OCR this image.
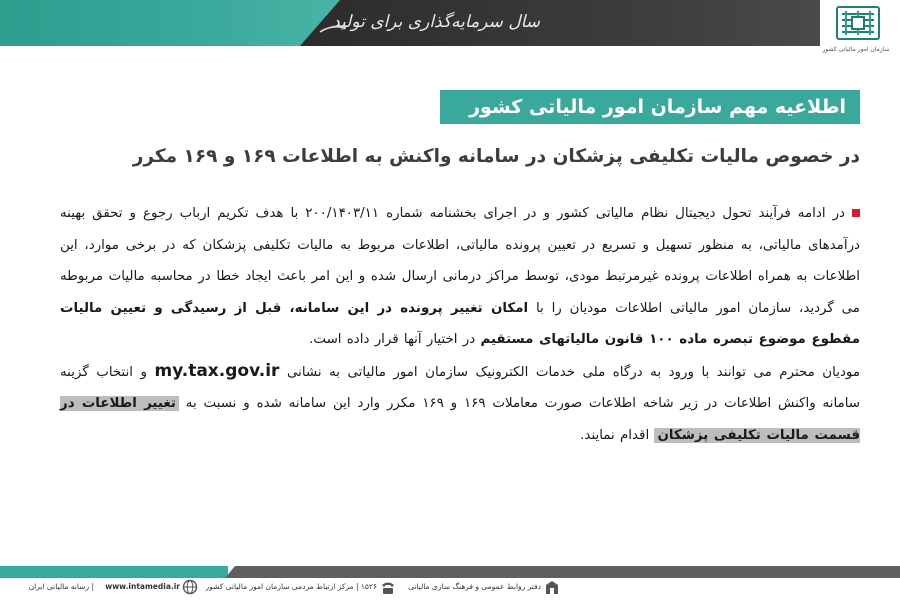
سال سرمایه‌گذاری برای تولید
سازمان امور مالیاتی کشور
اطلاعیه مهم سازمان امور مالیاتی کشور
در خصوص مالیات تکلیفی پزشکان در سامانه واکنش به اطلاعات ۱۶۹ و ۱۶۹ مکرر

در ادامه فرآیند تحول دیجیتال نظام مالیاتی کشور و در اجرای بخشنامه شماره ۲۰۰/۱۴۰۳/۱۱ با هدف تکریم ارباب رجوع و تحقق بهینه درآمدهای مالیاتی، به منظور تسهیل و تسریع در تعیین پرونده مالیاتی، اطلاعات مربوط به مالیات تکلیفی پزشکان که در برخی موارد، این اطلاعات به همراه اطلاعات پرونده غیرمرتبط مودی، توسط مراکز درمانی ارسال شده و این امر باعث ایجاد خطا در محاسبه مالیات مربوطه می گردید، سازمان امور مالیاتی اطلاعات مودیان را با امکان تغییر پرونده در این سامانه، قبل از رسیدگی و تعیین مالیات مقطوع موضوع تبصره ماده ۱۰۰ قانون مالیاتهای مستقیم در اختیار آنها قرار داده است.

مودیان محترم می توانند با ورود به درگاه ملی خدمات الکترونیک سازمان امور مالیاتی به نشانی my.tax.gov.ir و انتخاب گزینه سامانه واکنش اطلاعات در زیر شاخه اطلاعات صورت معاملات ۱۶۹ و ۱۶۹ مکرر وارد این سامانه شده و نسبت به تغییر اطلاعات در قسمت مالیات تکلیفی پزشکان اقدام نمایند.

دفتر روابط عمومی و فرهنگ سازی مالیاتی
۱۵۲۶ | مرکز ارتباط مردمی سازمان امور مالیاتی کشور
www.intamedia.ir
| رسانه مالیاتی ایران
